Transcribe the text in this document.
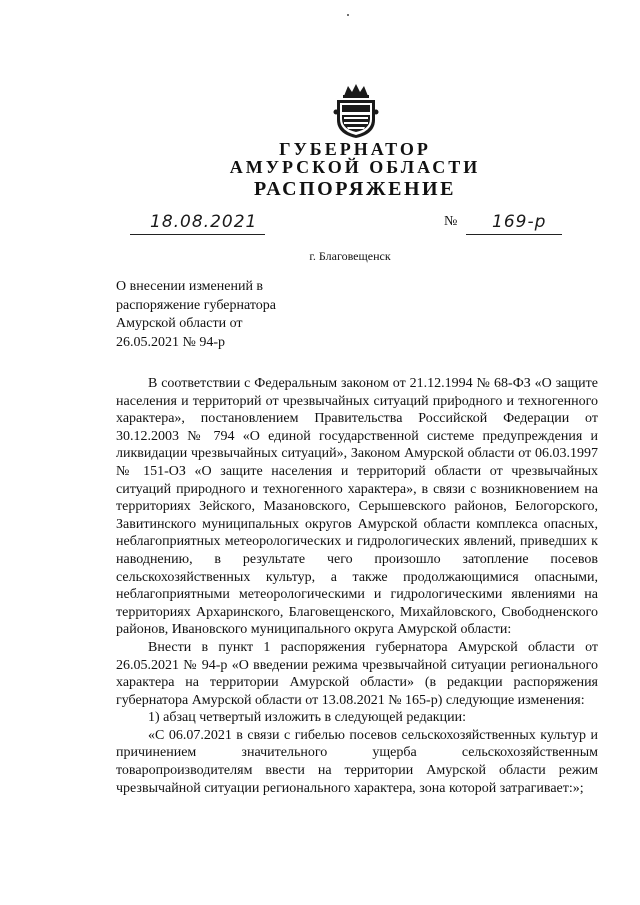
ГУБЕРНАТОР
АМУРСКОЙ ОБЛАСТИ
РАСПОРЯЖЕНИЕ
18.08.2021	№ 169-р
г. Благовещенск
О внесении изменений в
распоряжение губернатора
Амурской области от
26.05.2021 № 94-р

В соответствии с Федеральным законом от 21.12.1994 № 68-ФЗ «О защите населения и территорий от чрезвычайных ситуаций природного и техногенного характера», постановлением Правительства Российской Федерации от 30.12.2003 № 794 «О единой государственной системе предупреждения и ликвидации чрезвычайных ситуаций», Законом Амурской области от 06.03.1997 № 151-ОЗ «О защите населения и территорий области от чрезвычайных ситуаций природного и техногенного характера», в связи с возникновением на территориях Зейского, Мазановского, Серышевского районов, Белогорского, Завитинского муниципальных округов Амурской области комплекса опасных, неблагоприятных метеорологических и гидрологических явлений, приведших к наводнению, в результате чего произошло затопление посевов сельскохозяйственных культур, а также продолжающимися опасными, неблагоприятными метеорологическими и гидрологическими явлениями на территориях Архаринского, Благовещенского, Михайловского, Свободненского районов, Ивановского муниципального округа Амурской области:

Внести в пункт 1 распоряжения губернатора Амурской области от 26.05.2021 № 94-р «О введении режима чрезвычайной ситуации регионального характера на территории Амурской области» (в редакции распоряжения губернатора Амурской области от 13.08.2021 № 165-р) следующие изменения:

1) абзац четвертый изложить в следующей редакции:

«С 06.07.2021 в связи с гибелью посевов сельскохозяйственных культур и причинением значительного ущерба сельскохозяйственным товаропроизводителям ввести на территории Амурской области режим чрезвычайной ситуации регионального характера, зона которой затрагивает:»;
